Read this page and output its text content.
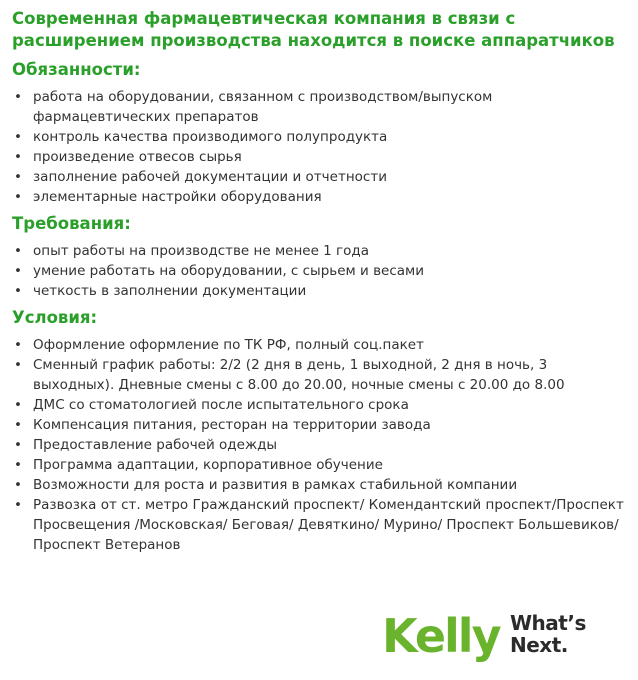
Современная фармацевтическая компания в связи с расширением производства находится в поиске аппаратчиков
Обязанности:
• работа на оборудовании, связанном с производством/выпуском фармацевтических препаратов
• контроль качества производимого полупродукта
• произведение отвесов сырья
• заполнение рабочей документации и отчетности
• элементарные настройки оборудования
Требования:
• опыт работы на производстве не менее 1 года
• умение работать на оборудовании, с сырьем и весами
• четкость в заполнении документации
Условия:
• Оформление оформление по ТК РФ, полный соц.пакет
• Сменный график работы: 2/2 (2 дня в день, 1 выходной, 2 дня в ночь, 3 выходных). Дневные смены с 8.00 до 20.00, ночные смены с 20.00 до 8.00
• ДМС со стоматологией после испытательного срока
• Компенсация питания, ресторан на территории завода
• Предоставление рабочей одежды
• Программа адаптации, корпоративное обучение
• Возможности для роста и развития в рамках стабильной компании
• Развозка от ст. метро Гражданский проспект/ Комендантский проспект/Проспект Просвещения /Московская/ Беговая/ Девяткино/ Мурино/ Проспект Большевиков/ Проспект Ветеранов
Kelly What’s
Next.
